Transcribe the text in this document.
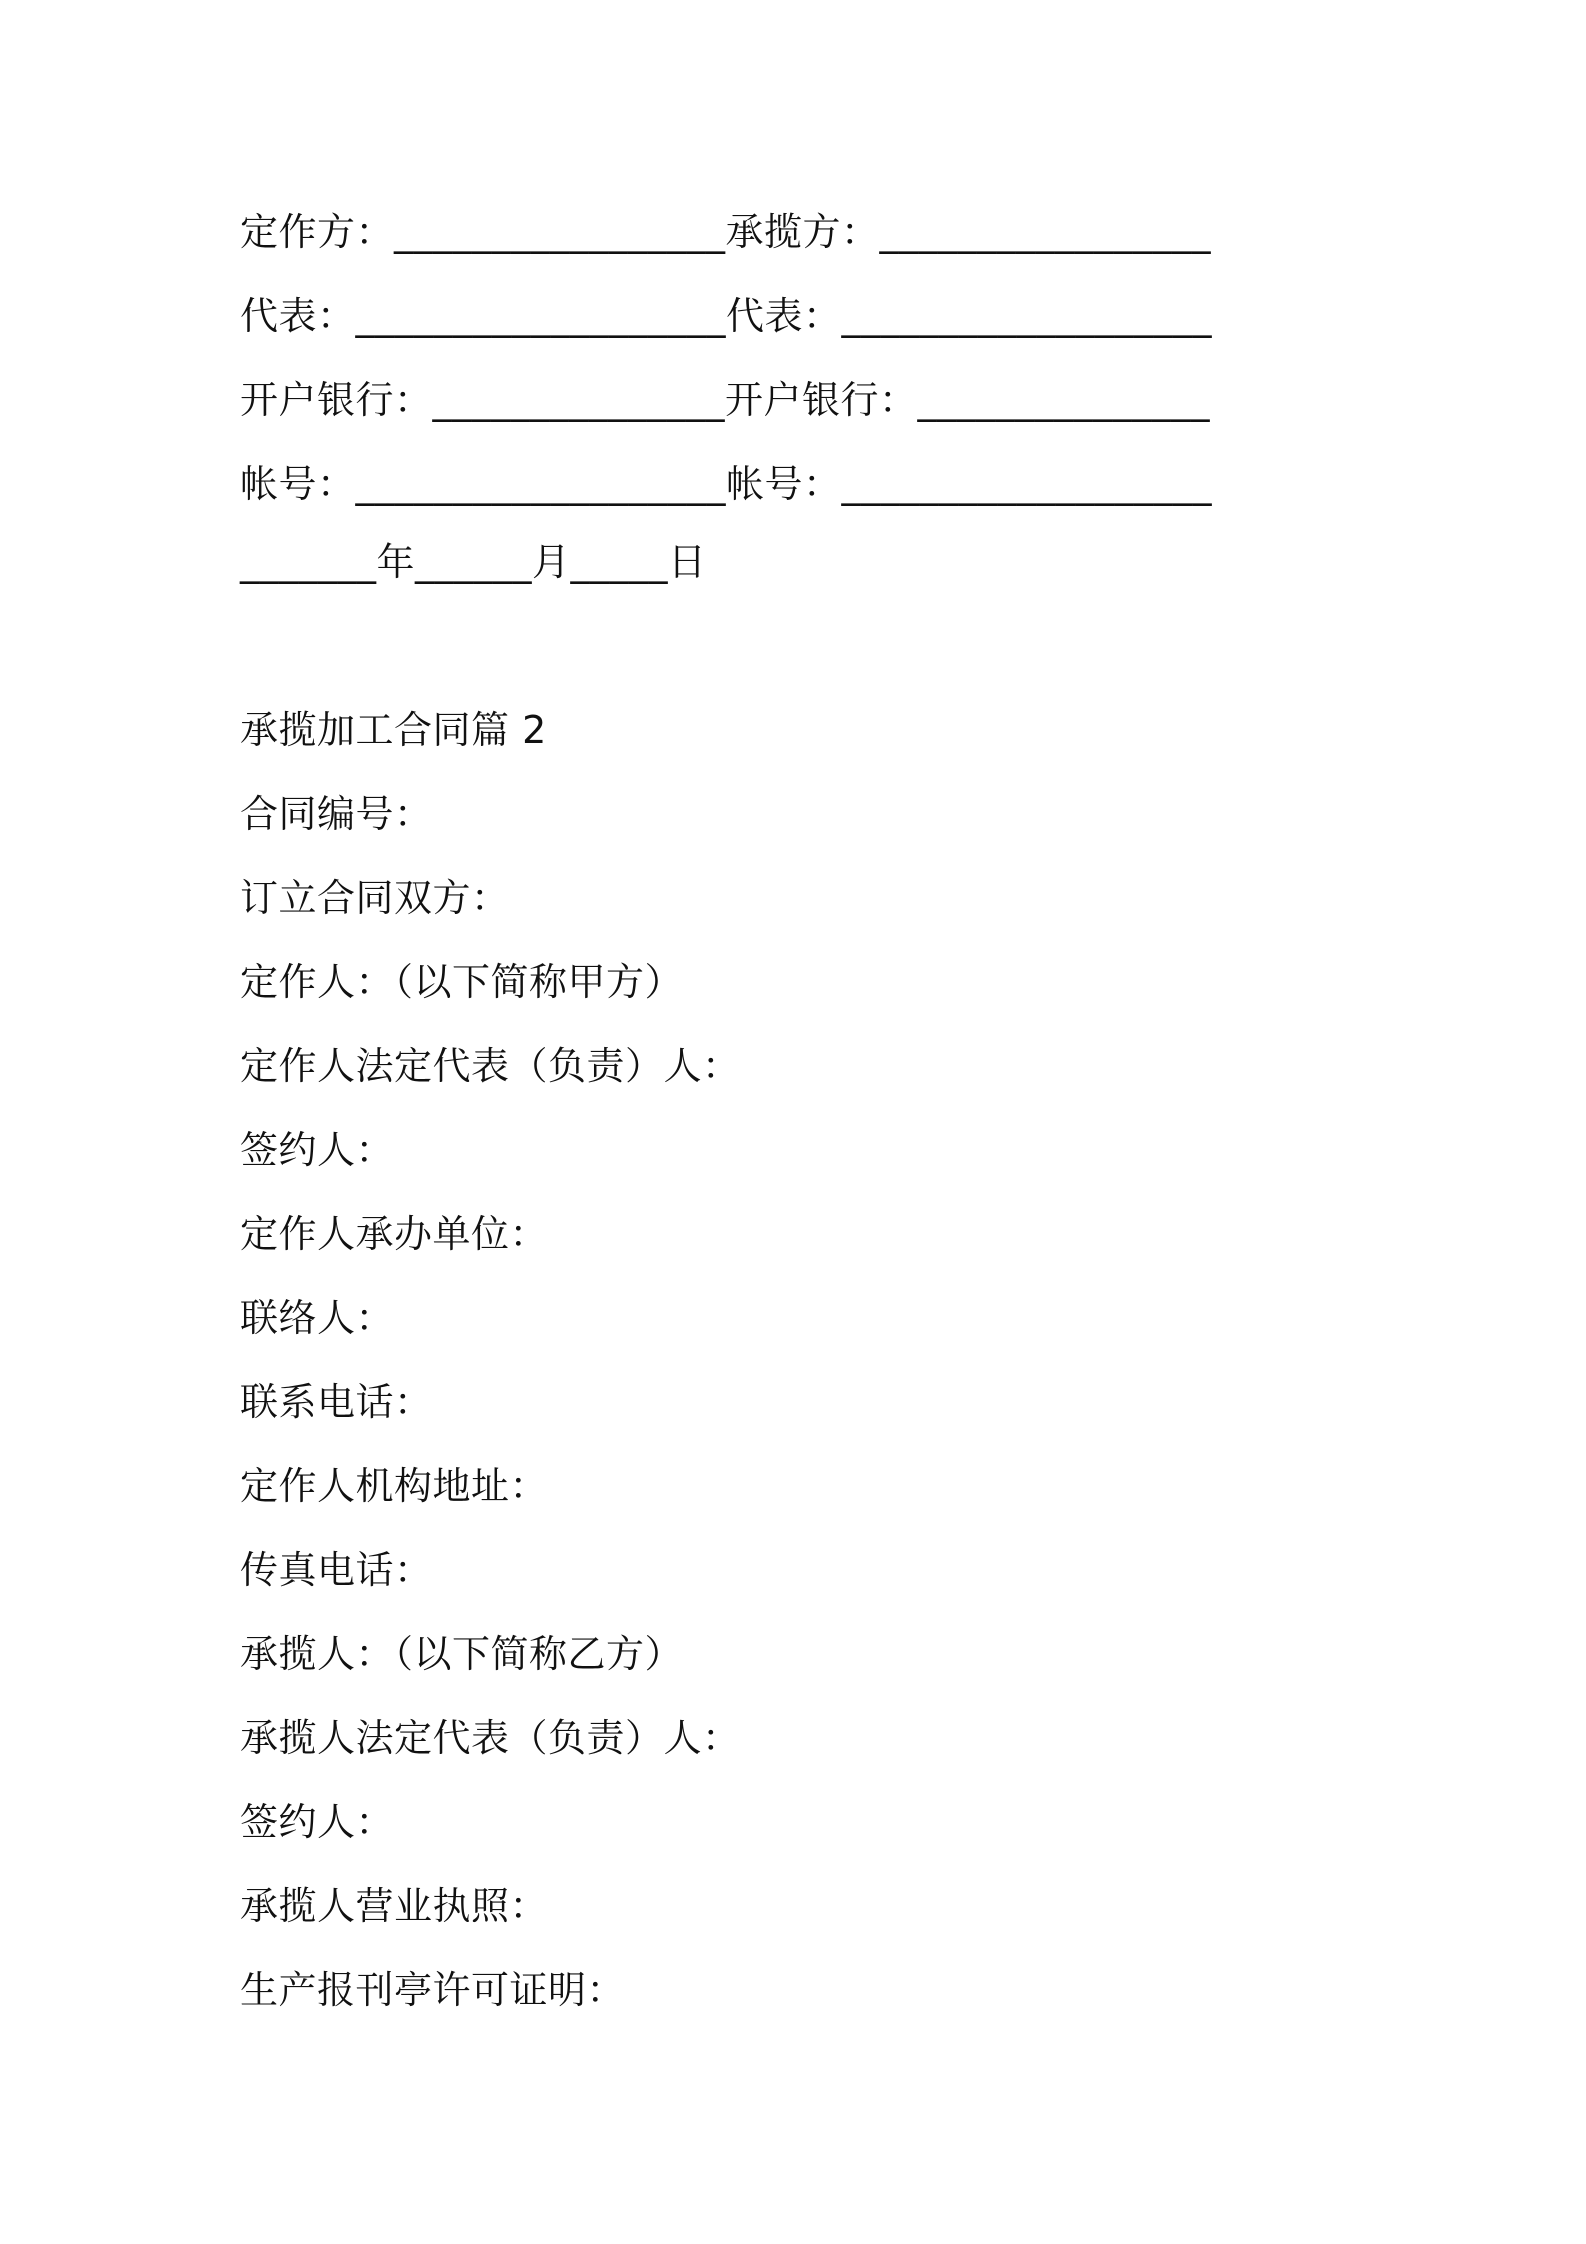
定作方：_________________承揽方：_________________
代表：___________________代表：___________________
开户银行：_______________开户银行：_______________
帐号：___________________帐号：___________________
_______年______月_____日
承揽加工合同篇 2
合同编号：
订立合同双方：
定作人：（以下简称甲方）
定作人法定代表（负责）人：
签约人：
定作人承办单位：
联络人：
联系电话：
定作人机构地址：
传真电话：
承揽人：（以下简称乙方）
承揽人法定代表（负责）人：
签约人：
承揽人营业执照：
生产报刊亭许可证明：
